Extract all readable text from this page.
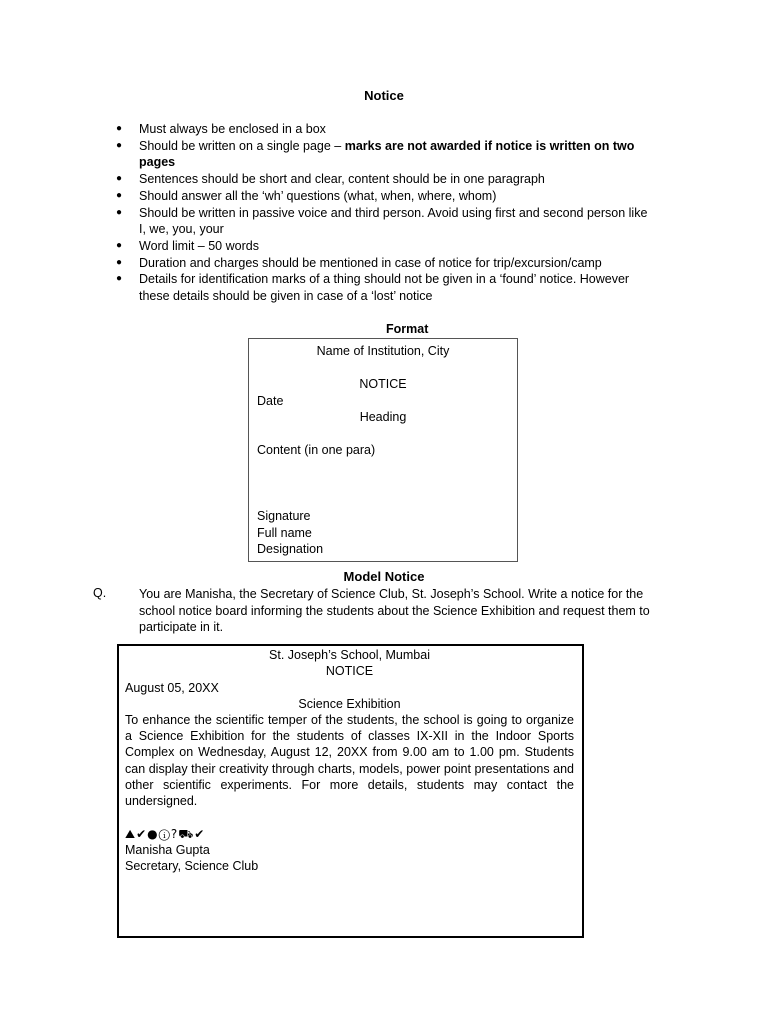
Notice
● Must always be enclosed in a box
● Should be written on a single page – marks are not awarded if notice is written on two pages
● Sentences should be short and clear, content should be in one paragraph
● Should answer all the ‘wh’ questions (what, when, where, whom)
● Should be written in passive voice and third person. Avoid using first and second person like I, we, you, your
● Word limit – 50 words
● Duration and charges should be mentioned in case of notice for trip/excursion/camp
● Details for identification marks of a thing should not be given in a ‘found’ notice. However these details should be given in case of a ‘lost’ notice
Format
Name of Institution, City
NOTICE
Date
Heading
Content (in one para)
Signature
Full name
Designation
Model Notice
Q.	You are Manisha, the Secretary of Science Club, St. Joseph’s School. Write a notice for the school notice board informing the students about the Science Exhibition and request them to participate in it.
St. Joseph’s School, Mumbai
NOTICE
August 05, 20XX
Science Exhibition
To enhance the scientific temper of the students, the school is going to organize a Science Exhibition for the students of classes IX-XII in the Indoor Sports Complex on Wednesday, August 12, 20XX from 9.00 am to 1.00 pm. Students can display their creativity through charts, models, power point presentations and other scientific experiments. For more details, students may contact the undersigned.
⛰✔●ⓘ?⛟✔
Manisha Gupta
Secretary, Science Club
